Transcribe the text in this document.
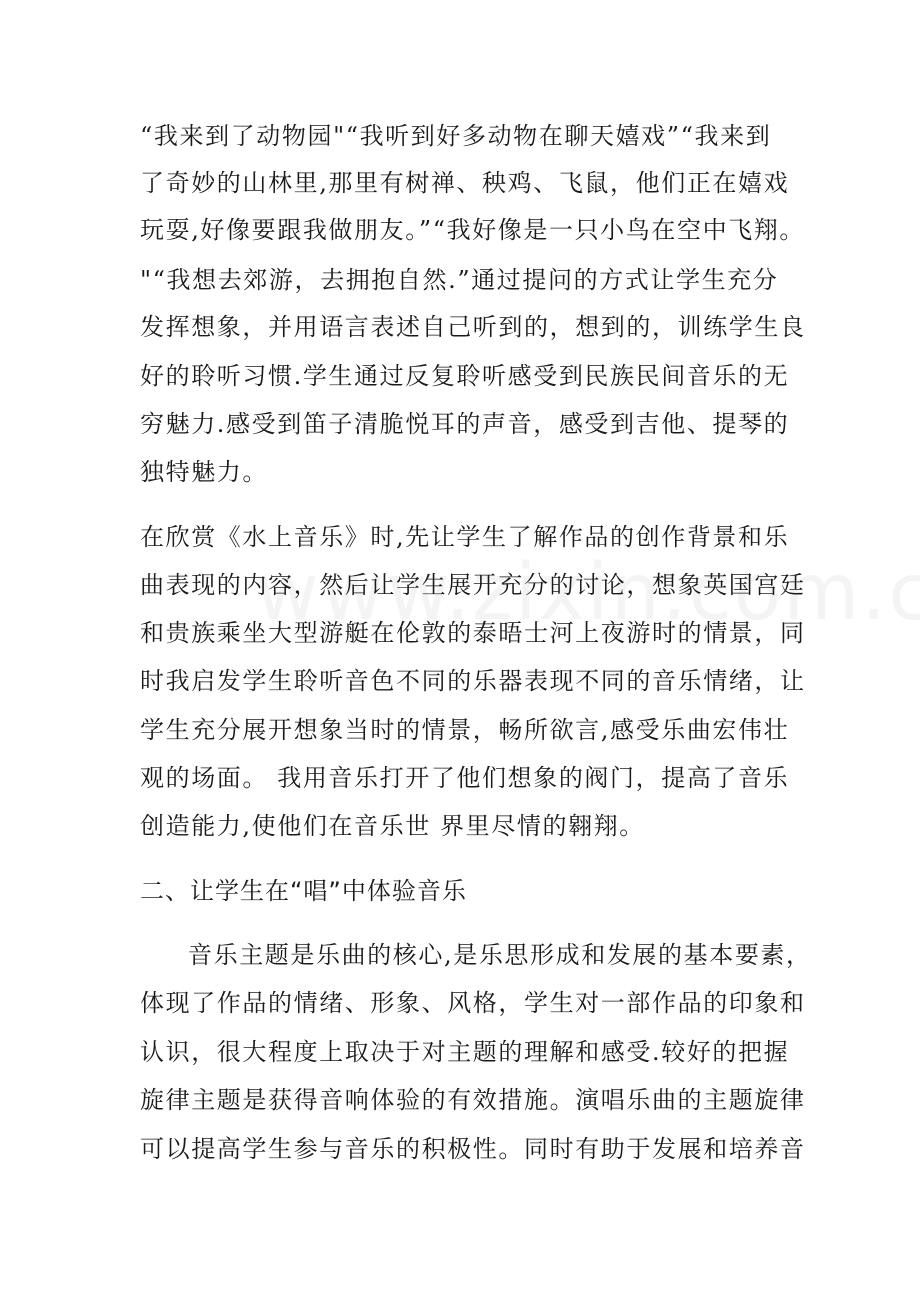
“我来到了动物园"“我听到好多动物在聊天嬉戏”“我来到
了奇妙的山林里,那里有树禅、秧鸡、飞鼠，他们正在嬉戏
玩耍,好像要跟我做朋友。”“我好像是一只小鸟在空中飞翔。
"“我想去郊游，去拥抱自然.”通过提问的方式让学生充分
发挥想象，并用语言表述自己听到的，想到的，训练学生良
好的聆听习惯.学生通过反复聆听感受到民族民间音乐的无
穷魅力.感受到笛子清脆悦耳的声音，感受到吉他、提琴的
独特魅力。
在欣赏《水上音乐》时,先让学生了解作品的创作背景和乐
曲表现的内容，然后让学生展开充分的讨论，想象英国宫廷
和贵族乘坐大型游艇在伦敦的泰晤士河上夜游时的情景，同
时我启发学生聆听音色不同的乐器表现不同的音乐情绪，让
学生充分展开想象当时的情景，畅所欲言,感受乐曲宏伟壮
观的场面。 我用音乐打开了他们想象的阀门，提高了音乐
创造能力,使他们在音乐世 界里尽情的翱翔。
二、让学生在“唱”中体验音乐
音乐主题是乐曲的核心,是乐思形成和发展的基本要素，
体现了作品的情绪、形象、风格，学生对一部作品的印象和
认识，很大程度上取决于对主题的理解和感受.较好的把握
旋律主题是获得音响体验的有效措施。演唱乐曲的主题旋律
可以提高学生参与音乐的积极性。同时有助于发展和培养音
